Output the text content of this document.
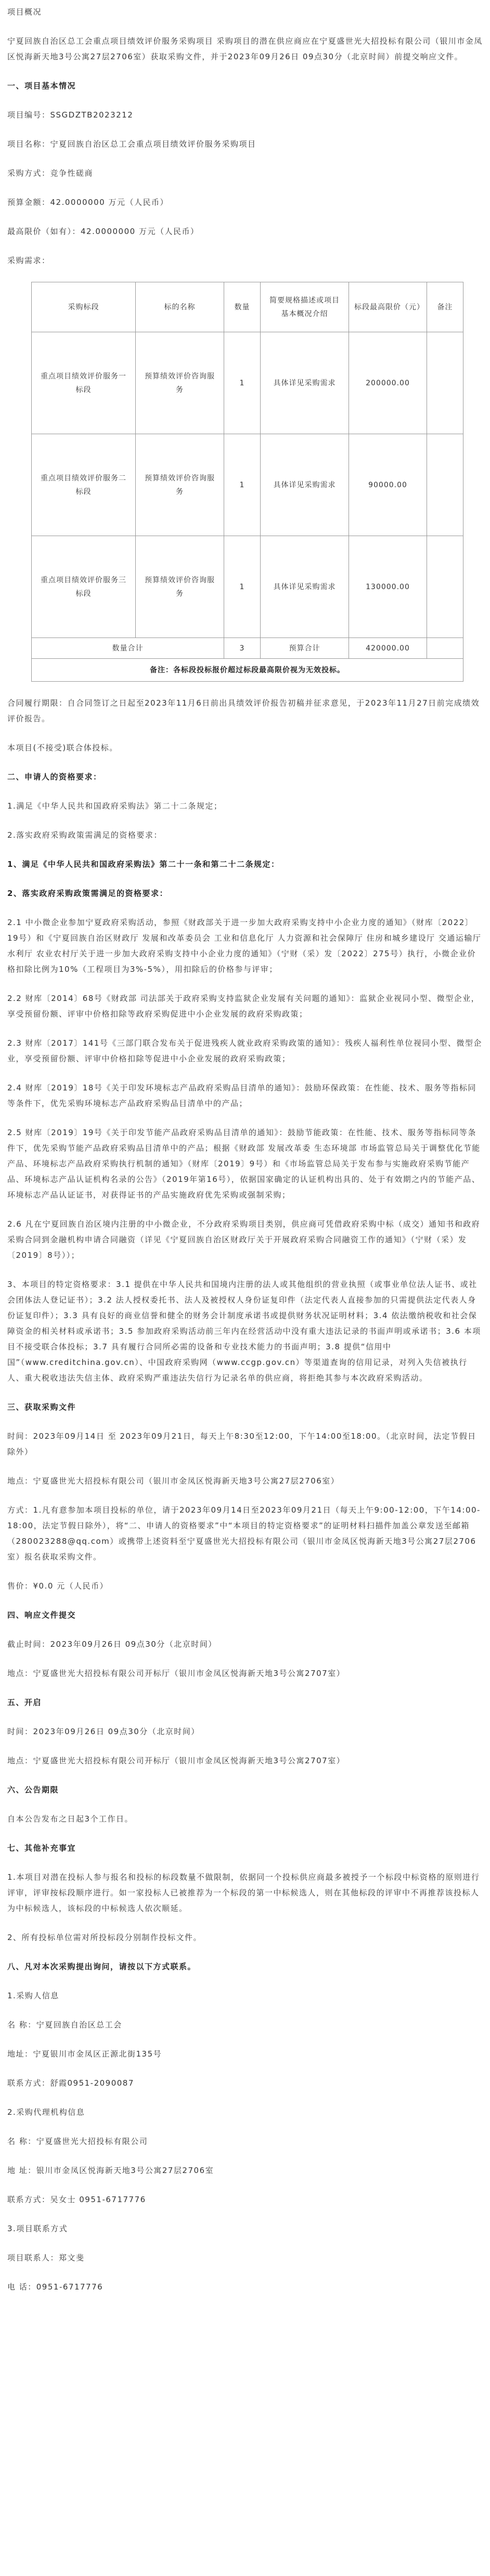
项目概况

宁夏回族自治区总工会重点项目绩效评价服务采购项目 采购项目的潜在供应商应在宁夏盛世光大招投标有限公司（银川市金凤区悦海新天地3号公寓27层2706室）获取采购文件，并于2023年09月26日 09点30分（北京时间）前提交响应文件。

一、项目基本情况

项目编号：SSGDZTB2023212

项目名称：宁夏回族自治区总工会重点项目绩效评价服务采购项目

采购方式：竞争性磋商

预算金额：42.0000000 万元（人民币）

最高限价（如有）：42.0000000 万元（人民币）

采购需求：

采购标段	标的名称	数量	简要规格描述或项目基本概况介绍	标段最高限价（元）	备注
重点项目绩效评价服务一标段	预算绩效评价咨询服务	1	具体详见采购需求	200000.00	
重点项目绩效评价服务二标段	预算绩效评价咨询服务	1	具体详见采购需求	90000.00	
重点项目绩效评价服务三标段	预算绩效评价咨询服务	1	具体详见采购需求	130000.00	
数量合计		3	预算合计	420000.00	
备注：各标段投标报价超过标段最高限价视为无效投标。					

合同履行期限：自合同签订之日起至2023年11月6日前出具绩效评价报告初稿并征求意见，于2023年11月27日前完成绩效评价报告。

本项目(不接受)联合体投标。

二、申请人的资格要求：

1.满足《中华人民共和国政府采购法》第二十二条规定；

2.落实政府采购政策需满足的资格要求：

1、满足《中华人民共和国政府采购法》第二十一条和第二十二条规定：

2、落实政府采购政策需满足的资格要求：

2.1 中小微企业参加宁夏政府采购活动，参照《财政部关于进一步加大政府采购支持中小企业力度的通知》（财库〔2022〕19号）和《宁夏回族自治区财政厅 发展和改革委员会 工业和信息化厅 人力资源和社会保障厅 住房和城乡建设厅 交通运输厅 水利厅 农业农村厅关于进一步加大政府采购支持中小企业力度的通知》（宁财（采）发〔2022〕275号）执行，小微企业价格扣除比例为10%（工程项目为3%-5%），用扣除后的价格参与评审；

2.2 财库〔2014〕68号《财政部 司法部关于政府采购支持监狱企业发展有关问题的通知》：监狱企业视同小型、微型企业，享受预留份额、评审中价格扣除等政府采购促进中小企业发展的政府采购政策；

2.3 财库〔2017〕141号《三部门联合发布关于促进残疾人就业政府采购政策的通知》：残疾人福利性单位视同小型、微型企业，享受预留份额、评审中价格扣除等促进中小企业发展的政府采购政策；

2.4 财库〔2019〕18号《关于印发环境标志产品政府采购品目清单的通知》：鼓励环保政策：在性能、技术、服务等指标同等条件下，优先采购环境标志产品政府采购品目清单中的产品；

2.5 财库〔2019〕19号《关于印发节能产品政府采购品目清单的通知》：鼓励节能政策：在性能、技术、服务等指标同等条件下，优先采购节能产品政府采购品目清单中的产品；根据《财政部 发展改革委 生态环境部 市场监管总局关于调整优化节能产品、环境标志产品政府采购执行机制的通知》（财库〔2019〕9号）和《市场监管总局关于发布参与实施政府采购节能产品、环境标志产品认证机构名录的公告》（2019年第16号），依据国家确定的认证机构出具的、处于有效期之内的节能产品、环境标志产品认证证书，对获得证书的产品实施政府优先采购或强制采购；

2.6 凡在宁夏回族自治区境内注册的中小微企业，不分政府采购项目类别，供应商可凭借政府采购中标（成交）通知书和政府采购合同到金融机构申请合同融资（详见《宁夏回族自治区财政厅关于开展政府采购合同融资工作的通知》（宁财（采）发〔2019〕8号））；

3、本项目的特定资格要求：3.1 提供在中华人民共和国境内注册的法人或其他组织的营业执照（或事业单位法人证书、或社会团体法人登记证书）；3.2 法人授权委托书、法人及被授权人身份证复印件（法定代表人直接参加的只需提供法定代表人身份证复印件）；3.3 具有良好的商业信誉和健全的财务会计制度承诺书或提供财务状况证明材料；3.4 依法缴纳税收和社会保障资金的相关材料或承诺书；3.5 参加政府采购活动前三年内在经营活动中没有重大违法记录的书面声明或承诺书；3.6 本项目不接受联合体投标；3.7 具有履行合同所必需的设备和专业技术能力的书面声明；3.8 提供“信用中国”（www.creditchina.gov.cn）、中国政府采购网（www.ccgp.gov.cn）等渠道查询的信用记录，对列入失信被执行人、重大税收违法失信主体、政府采购严重违法失信行为记录名单的供应商，将拒绝其参与本次政府采购活动。

三、获取采购文件

时间：2023年09月14日 至 2023年09月21日，每天上午8:30至12:00，下午14:00至18:00。（北京时间，法定节假日除外）

地点：宁夏盛世光大招投标有限公司（银川市金凤区悦海新天地3号公寓27层2706室）

方式：1.凡有意参加本项目投标的单位，请于2023年09月14日至2023年09月21日（每天上午9:00-12:00，下午14:00-18:00，法定节假日除外），将“二、申请人的资格要求”中“本项目的特定资格要求”的证明材料扫描件加盖公章发送至邮箱（280023288@qq.com）或携带上述资料至宁夏盛世光大招投标有限公司（银川市金凤区悦海新天地3号公寓27层2706室）报名获取采购文件。

售价：¥0.0 元（人民币）

四、响应文件提交

截止时间：2023年09月26日 09点30分（北京时间）

地点：宁夏盛世光大招投标有限公司开标厅（银川市金凤区悦海新天地3号公寓2707室）

五、开启

时间：2023年09月26日 09点30分（北京时间）

地点：宁夏盛世光大招投标有限公司开标厅（银川市金凤区悦海新天地3号公寓2707室）

六、公告期限

自本公告发布之日起3个工作日。

七、其他补充事宜

1.本项目对潜在投标人参与报名和投标的标段数量不做限制，依据同一个投标供应商最多被授予一个标段中标资格的原则进行评审，评审按标段顺序进行。如一家投标人已被推荐为一个标段的第一中标候选人，则在其他标段的评审中不再推荐该投标人为中标候选人，该标段的中标候选人依次顺延。

2、所有投标单位需对所投标段分别制作投标文件。

八、凡对本次采购提出询问，请按以下方式联系。

1.采购人信息

名 称：宁夏回族自治区总工会

地址：宁夏银川市金凤区正源北街135号

联系方式：舒霞0951-2090087

2.采购代理机构信息

名 称：宁夏盛世光大招投标有限公司

地 址：银川市金凤区悦海新天地3号公寓27层2706室

联系方式：吴女士 0951-6717776

3.项目联系方式

项目联系人：郑文斐

电 话：0951-6717776
